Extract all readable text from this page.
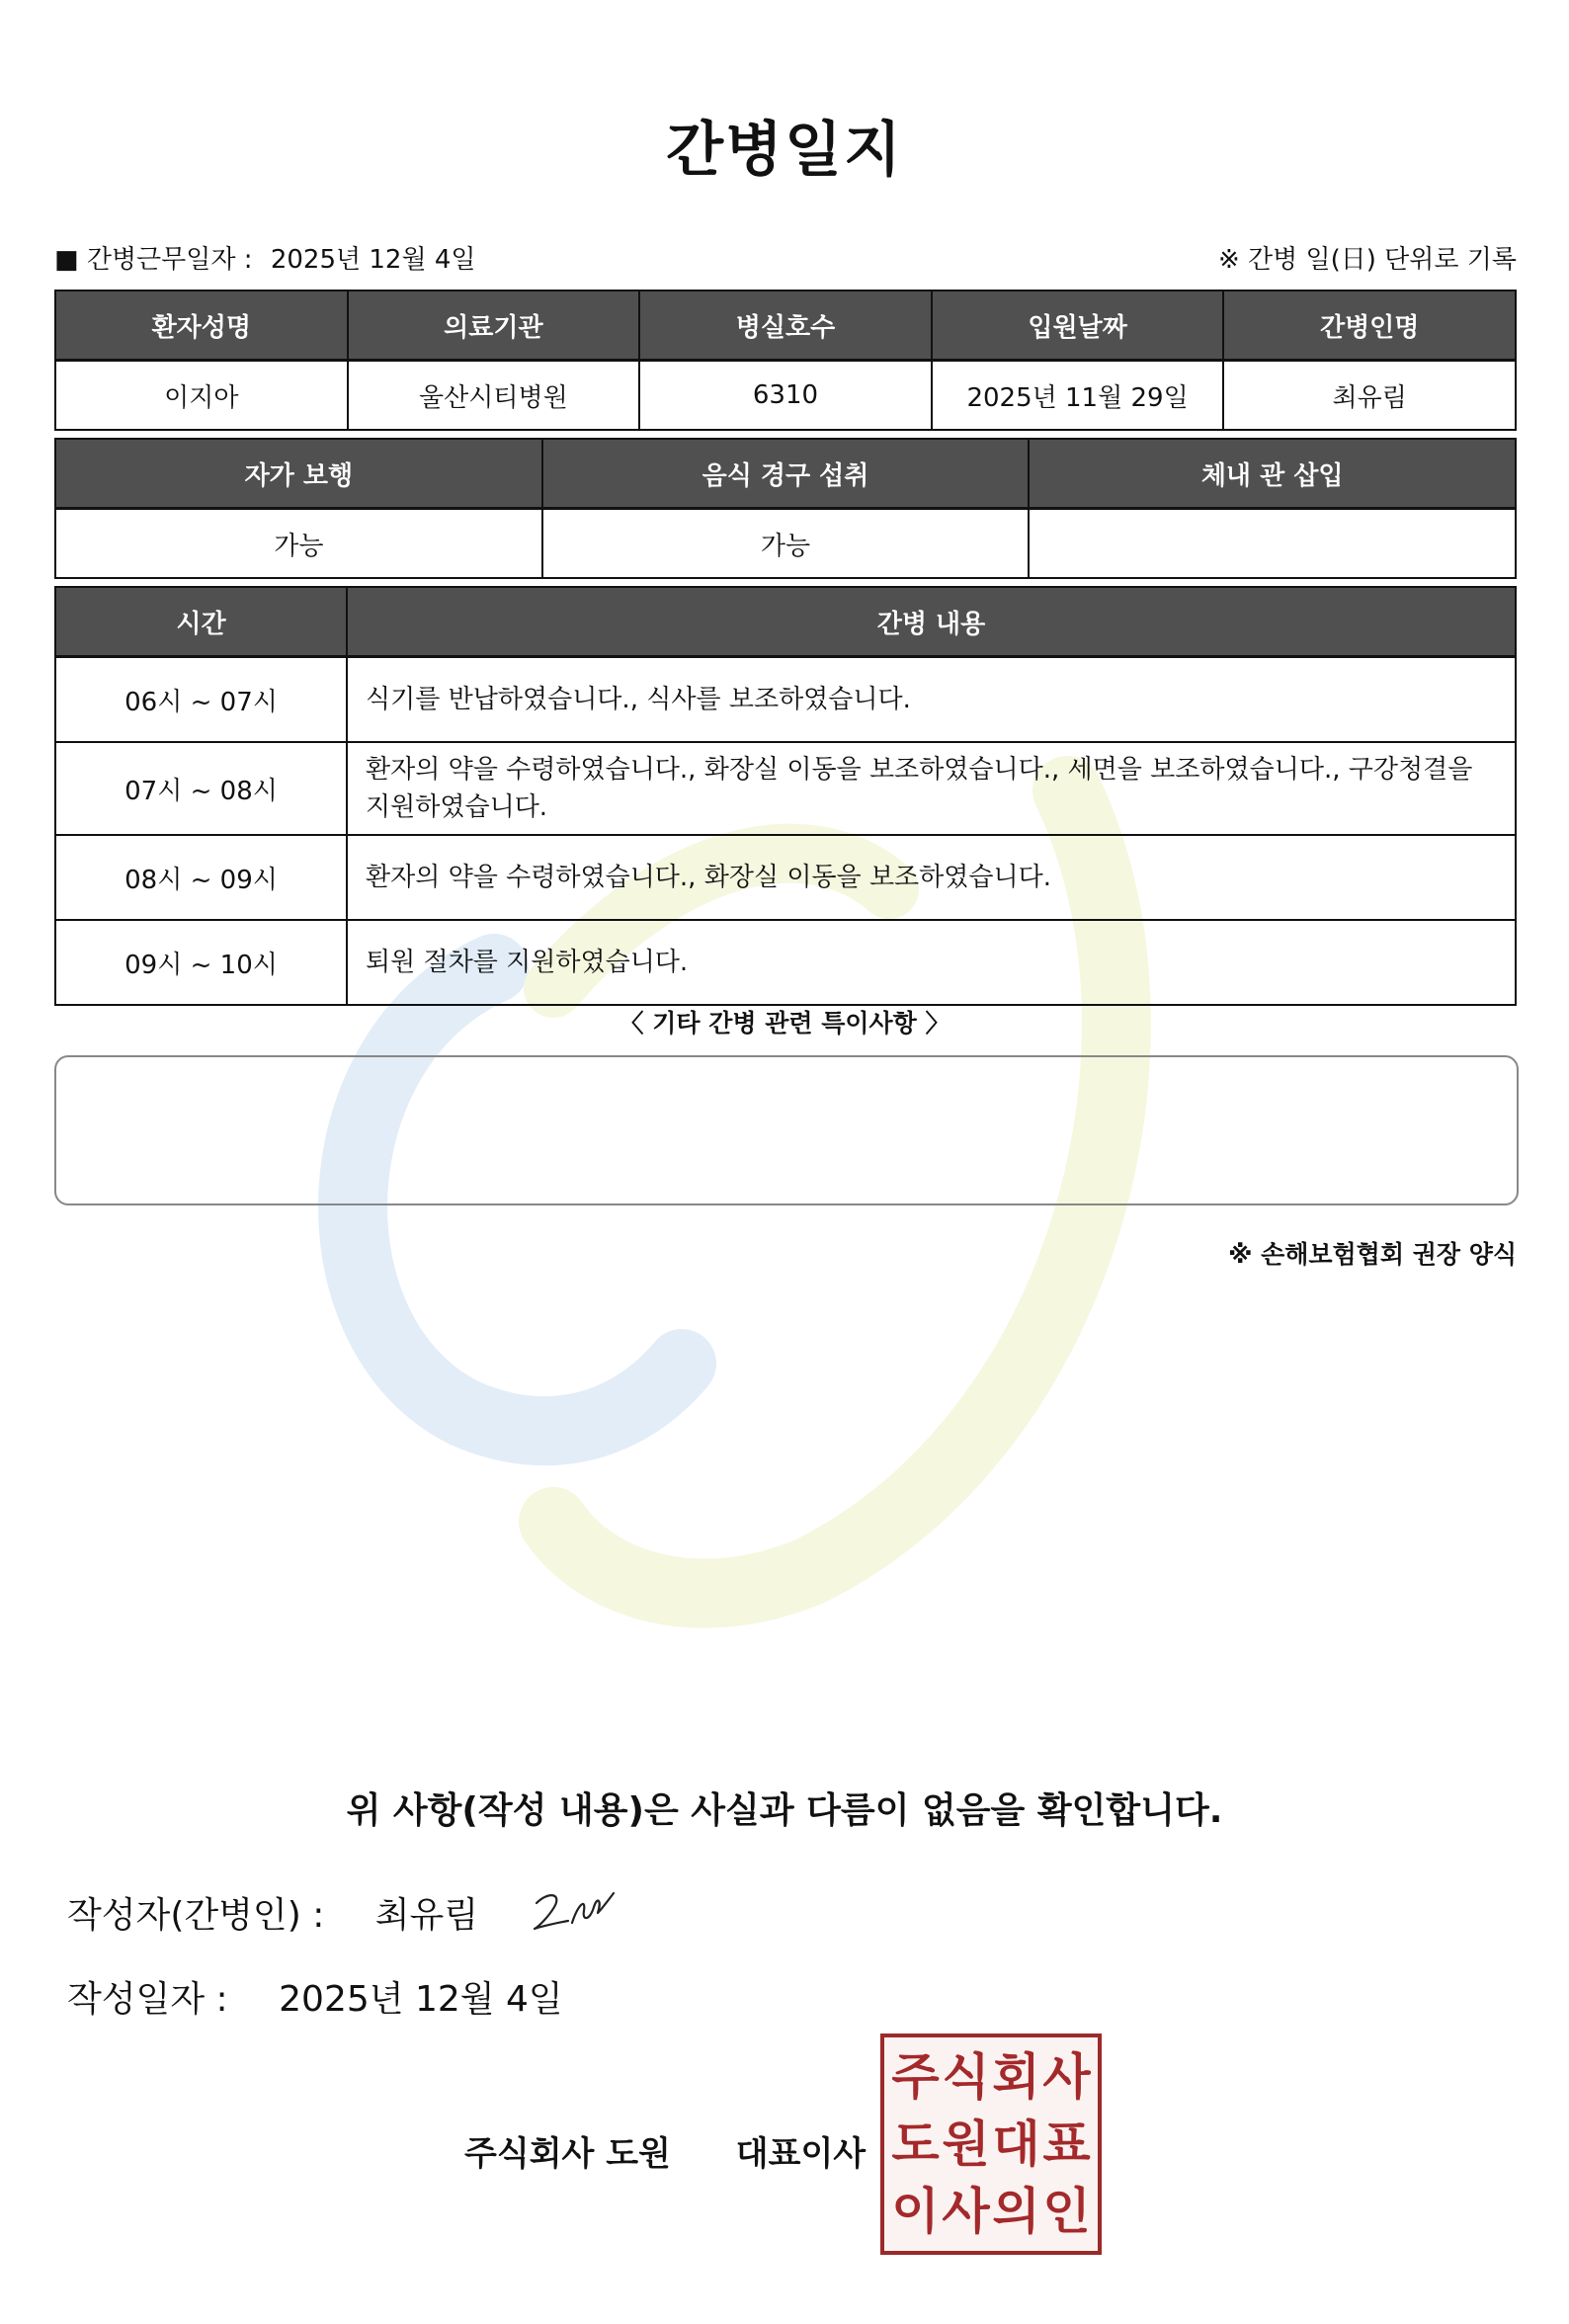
간병일지
■ 간병근무일자 : 2025년 12월 4일	※ 간병 일(日) 단위로 기록
환자성명	의료기관	병실호수	입원날짜	간병인명
이지아	울산시티병원	6310	2025년 11월 29일	최유림
자가 보행	음식 경구 섭취	체내 관 삽입
가능	가능	
시간	간병 내용
06시 ~ 07시	식기를 반납하였습니다., 식사를 보조하였습니다.
07시 ~ 08시	환자의 약을 수령하였습니다., 화장실 이동을 보조하였습니다., 세면을 보조하였습니다., 구강청결을 지원하였습니다.
08시 ~ 09시	환자의 약을 수령하였습니다., 화장실 이동을 보조하였습니다.
09시 ~ 10시	퇴원 절차를 지원하였습니다.
〈 기타 간병 관련 특이사항 〉
※ 손해보험협회 권장 양식
위 사항(작성 내용)은 사실과 다름이 없음을 확인합니다.
작성자(간병인) : 최유림
작성일자 : 2025년 12월 4일
주식회사 도원 대표이사
주 식 회 사
도 원 대 표
이 사 의 인
